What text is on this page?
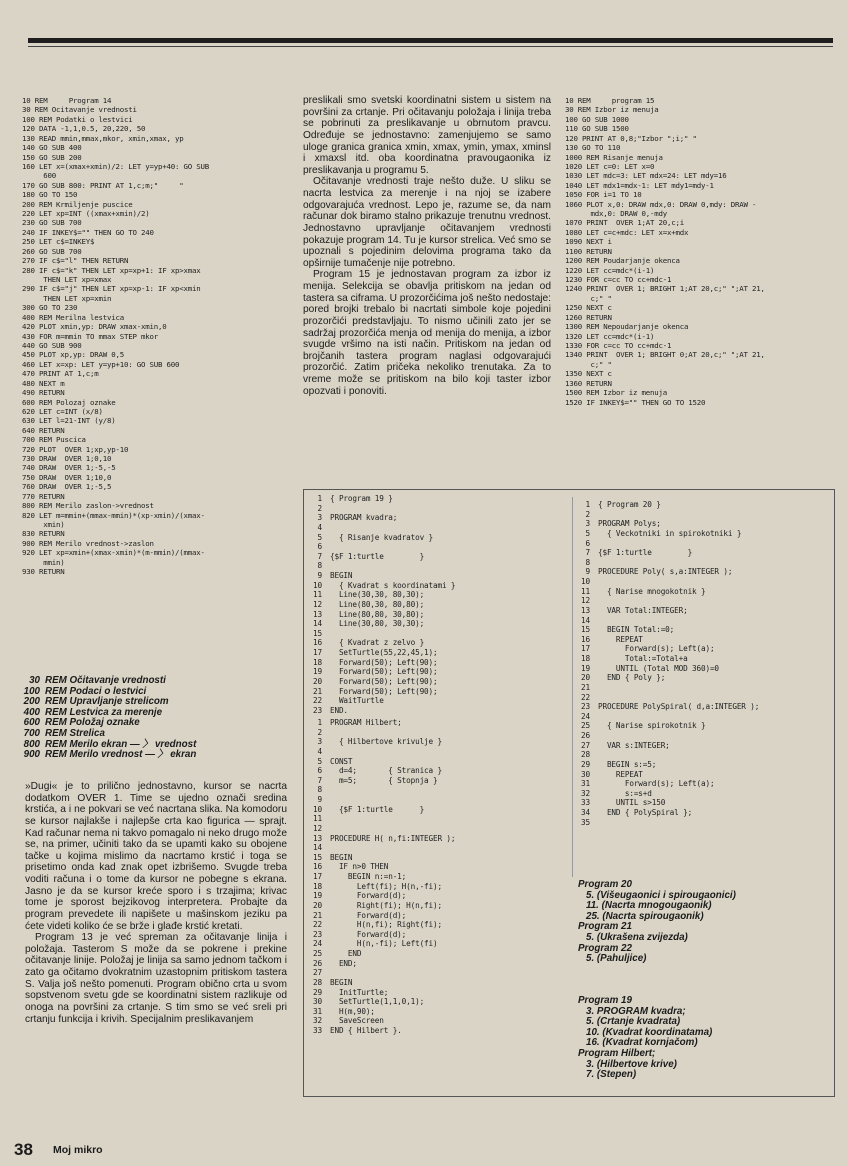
10 REM     Program 14
30 REM Ocitavanje vrednosti
100 REM Podatki o lestvici
120 DATA -1,1,0.5, 20,220, 50
130 READ mmin,mmax,mkor, xmin,xmax, yp
140 GO SUB 400
150 GO SUB 200
160 LET x=(xmax+xmin)/2: LET y=yp+40: GO SUB
600
170 GO SUB 800: PRINT AT 1,c;m;"     "
180 GO TO 150
200 REM Krmiljenje puscice
220 LET xp=INT ((xmax+xmin)/2)
230 GO SUB 700
240 IF INKEY$="" THEN GO TO 240
250 LET c$=INKEY$
260 GO SUB 700
270 IF c$="l" THEN RETURN
280 IF c$="k" THEN LET xp=xp+1: IF xp>xmax
THEN LET xp=xmax
290 IF c$="j" THEN LET xp=xp-1: IF xp<xmin
THEN LET xp=xmin
300 GO TO 230
400 REM Merilna lestvica
420 PLOT xmin,yp: DRAW xmax-xmin,0
430 FOR m=mmin TO mmax STEP mkor
440 GO SUB 900
450 PLOT xp,yp: DRAW 0,5
460 LET x=xp: LET y=yp+10: GO SUB 600
470 PRINT AT 1,c;m
480 NEXT m
490 RETURN
600 REM Polozaj oznake
620 LET c=INT (x/8)
630 LET l=21-INT (y/8)
640 RETURN
700 REM Puscica
720 PLOT  OVER 1;xp,yp-10
730 DRAW  OVER 1;0,10
740 DRAW  OVER 1;-5,-5
750 DRAW  OVER 1;10,0
760 DRAW  OVER 1;-5,5
770 RETURN
800 REM Merilo zaslon->vrednost
820 LET m=mmin+(mmax-mmin)*(xp-xmin)/(xmax-
xmin)
830 RETURN
900 REM Merilo vrednost->zaslon
920 LET xp=xmin+(xmax-xmin)*(m-mmin)/(mmax-
mmin)
930 RETURN

30 REM Očitavanje vrednosti
100 REM Podaci o lestvici
200 REM Upravljanje strelicom
400 REM Lestvica za merenje
600 REM Položaj oznake
700 REM Strelica
800 REM Merilo ekran — 〉 vrednost
900 REM Merilo vrednost — 〉 ekran

»Dugi« je to prilično jednostavno, kursor se nacrta dodatkom OVER 1. Time se ujedno označi sredina krstića, a i ne pokvari se već nacrtana slika. Na komodoru se kursor najlakše i najlepše crta kao figurica — sprajt. Kad računar nema ni takvo pomagalo ni neko drugo može se, na primer, učiniti tako da se upamti kako su obojene tačke u kojima mislimo da nacrtamo krstić i toga se prisetimo onda kad znak opet izbrišemo. Svugde treba voditi računa i o tome da kursor ne pobegne s ekrana. Jasno je da se kursor kreće sporo i s trzajima; krivac tome je sporost bejzikovog interpretera. Probajte da program prevedete ili napišete u mašinskom jeziku pa ćete videti koliko će se brže i glađe krstić kretati.

Program 13 je već spreman za očitavanje linija i položaja. Tasterom S može da se pokrene i prekine očitavanje linije. Položaj je linija sa samo jednom tačkom i zato ga očitamo dvokratnim uzastopnim pritiskom tastera S. Valja još nešto pomenuti. Program obično crta u svom sopstvenom svetu gde se koordinatni sistem razlikuje od onoga na površini za crtanje. S tim smo se već sreli pri crtanju funkcija i krivih. Specijalnim preslikavanjem

preslikali smo svetski koordinatni sistem u sistem na površini za crtanje. Pri očitavanju položaja i linija treba se pobrinuti za preslikavanje u obrnutom pravcu. Određuje se jednostavno: zamenjujemo se samo uloge granica granica xmin, xmax, ymin, ymax, xminsl i xmaxsl itd. oba koordinatna pravougaonika iz preslikavanja u programu 5.

Očitavanje vrednosti traje nešto duže. U sliku se nacrta lestvica za merenje i na njoj se izabere odgovarajuća vrednost. Lepo je, razume se, da nam računar dok biramo stalno prikazuje trenutnu vrednost. Jednostavno upravljanje očitavanjem vrednosti pokazuje program 14. Tu je kursor strelica. Već smo se upoznali s pojedinim delovima programa tako da opširnije tumačenje nije potrebno.

Program 15 je jednostavan program za izbor iz menija. Selekcija se obavlja pritiskom na jedan od tastera sa ciframa. U prozorčićima još nešto nedostaje: pored brojki trebalo bi nacrtati simbole koje pojedini prozorčići predstavljaju. To nismo učinili zato jer se sadržaj prozorčića menja od menija do menija, a izbor svugde vršimo na isti način. Pritiskom na jedan od brojčanih tastera program naglasi odgovarajući prozorčić. Zatim pričeka nekoliko trenutaka. Za to vreme može se pritiskom na bilo koji taster izbor opozvati i ponoviti.

10 REM     program 15
30 REM Izbor iz menuja
100 GO SUB 1000
110 GO SUB 1500
120 PRINT AT 0,8;"Izbor ";i;" "
130 GO TO 110
1000 REM Risanje menuja
1020 LET c=0: LET x=0
1030 LET mdc=3: LET mdx=24: LET mdy=16
1040 LET mdx1=mdx-1: LET mdy1=mdy-1
1050 FOR i=1 TO 10
1060 PLOT x,0: DRAW mdx,0: DRAW 0,mdy: DRAW -
mdx,0: DRAW 0,-mdy
1070 PRINT  OVER 1;AT 20,c;i
1080 LET c=c+mdc: LET x=x+mdx
1090 NEXT i
1100 RETURN
1200 REM Poudarjanje okenca
1220 LET cc=mdc*(i-1)
1230 FOR c=cc TO cc+mdc-1
1240 PRINT  OVER 1; BRIGHT 1;AT 20,c;" ";AT 21,
c;" "
1250 NEXT c
1260 RETURN
1300 REM Nepoudarjanje okenca
1320 LET cc=mdc*(i-1)
1330 FOR c=cc TO cc+mdc-1
1340 PRINT  OVER 1; BRIGHT 0;AT 20,c;" ";AT 21,
c;" "
1350 NEXT c
1360 RETURN
1500 REM Izbor iz menuja
1520 IF INKEY$="" THEN GO TO 1520

1 { Program 19 }
2
3 PROGRAM kvadra;
4
5  { Risanje kvadratov }
6
7 {$F 1:turtle        }
8
9 BEGIN
10  { Kvadrat s koordinatami }
11  Line(30,30, 80,30);
12  Line(80,30, 80,80);
13  Line(80,80, 30,80);
14  Line(30,80, 30,30);
15
16  { Kvadrat z zelvo }
17  SetTurtle(55,22,45,1);
18  Forward(50); Left(90);
19  Forward(50); Left(90);
20  Forward(50); Left(90);
21  Forward(50); Left(90);
22  WaitTurtle
23 END.

1 PROGRAM Hilbert;
2
3  { Hilbertove krivulje }
4
5 CONST
6  d=4;       { Stranica }
7  m=5;       { Stopnja }
8
9
10  {$F 1:turtle      }
11
12
13 PROCEDURE H( n,fi:INTEGER );
14
15 BEGIN
16  IF n>0 THEN
17    BEGIN n:=n-1;
18      Left(fi); H(n,-fi);
19      Forward(d);
20      Right(fi); H(n,fi);
21      Forward(d);
22      H(n,fi); Right(fi);
23      Forward(d);
24      H(n,-fi); Left(fi)
25    END
26  END;
27
28 BEGIN
29  InitTurtle;
30  SetTurtle(1,1,0,1);
31  H(m,90);
32  SaveScreen
33 END { Hilbert }.

1 { Program 20 }
2
3 PROGRAM Polys;
5  { Veckotniki in spirokotniki }
6
7 {$F 1:turtle        }
8
9 PROCEDURE Poly( s,a:INTEGER );
10
11  { Narise mnogokotnik }
12
13  VAR Total:INTEGER;
14
15  BEGIN Total:=0;
16    REPEAT
17      Forward(s); Left(a);
18      Total:=Total+a
19    UNTIL (Total MOD 360)=0
20  END { Poly };
21
22
23 PROCEDURE PolySpiral( d,a:INTEGER );
24
25  { Narise spirokotnik }
26
27  VAR s:INTEGER;
28
29  BEGIN s:=5;
30    REPEAT
31      Forward(s); Left(a);
32      s:=s+d
33    UNTIL s>150
34  END { PolySpiral };
35

Program 20
5. (Višeugaonici i spirougaonici)
11. (Nacrta mnogougaonik)
25. (Nacrta spirougaonik)
Program 21
5. (Ukrašena zvijezda)
Program 22
5. (Pahuljice)
Program 19
3. PROGRAM kvadra;
5. (Crtanje kvadrata)
10. (Kvadrat koordinatama)
16. (Kvadrat kornjačom)
Program Hilbert;
3. (Hilbertove krive)
7. (Stepen)
38 Moj mikro
